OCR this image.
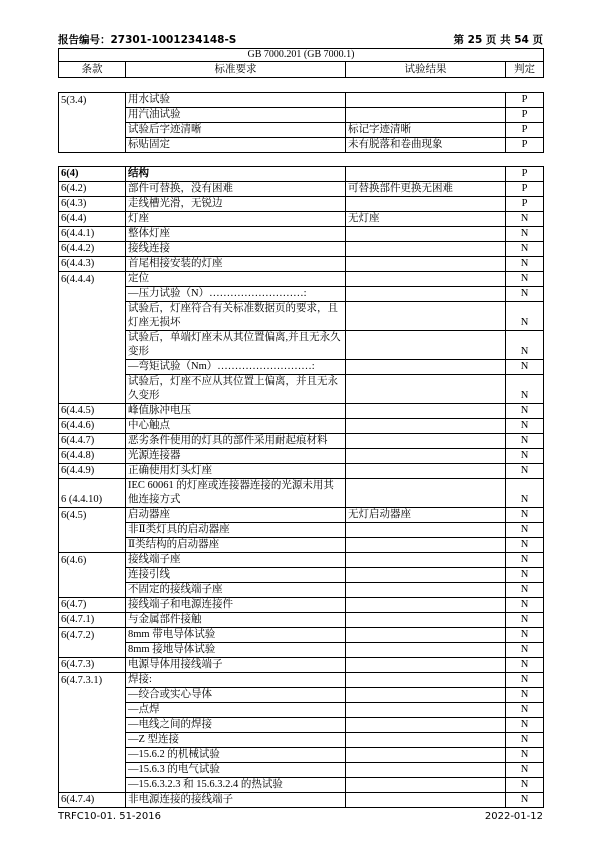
报告编号：27301-1001234148-S	第 25 页 共 54 页
GB 7000.201 (GB 7000.1)
条款	标准要求	试验结果	判定
5(3.4)	用水试验		P
	用汽油试验		P
	试验后字迹清晰	标记字迹清晰	P
	标贴固定	未有脱落和卷曲现象	P
6(4)	结构		P
6(4.2)	部件可替换，没有困难	可替换部件更换无困难	P
6(4.3)	走线槽光滑，无锐边		P
6(4.4)	灯座	无灯座	N
6(4.4.1)	整体灯座		N
6(4.4.2)	接线连接		N
6(4.4.3)	首尾相接安装的灯座		N
6(4.4.4)	定位		N
	—压力试验（N）………………………:		N
	试验后，灯座符合有关标准数据页的要求，且灯座无损坏		N
	试验后，单端灯座未从其位置偏离,并且无永久变形		N
	—弯矩试验（Nm）………………………:		N
	试验后，灯座不应从其位置上偏离，并且无永久变形		N
6(4.4.5)	峰值脉冲电压		N
6(4.4.6)	中心触点		N
6(4.4.7)	恶劣条件使用的灯具的部件采用耐起痕材料		N
6(4.4.8)	光源连接器		N
6(4.4.9)	正确使用灯头灯座		N
6 (4.4.10)	IEC 60061 的灯座或连接器连接的光源未用其他连接方式		N
6(4.5)	启动器座	无灯启动器座	N
	非Ⅱ类灯具的启动器座		N
	Ⅱ类结构的启动器座		N
6(4.6)	接线端子座		N
	连接引线		N
	不固定的接线端子座		N
6(4.7)	接线端子和电源连接件		N
6(4.7.1)	与金属部件接触		N
6(4.7.2)	8mm 带电导体试验		N
	8mm 接地导体试验		N
6(4.7.3)	电源导体用接线端子		N
6(4.7.3.1)	焊接:		N
	—绞合或实心导体		N
	—点焊		N
	—电线之间的焊接		N
	—Z 型连接		N
	—15.6.2 的机械试验		N
	—15.6.3 的电气试验		N
	—15.6.3.2.3 和 15.6.3.2.4 的热试验		N
6(4.7.4)	非电源连接的接线端子		N
TRFC10-01. 51-2016	2022-01-12
